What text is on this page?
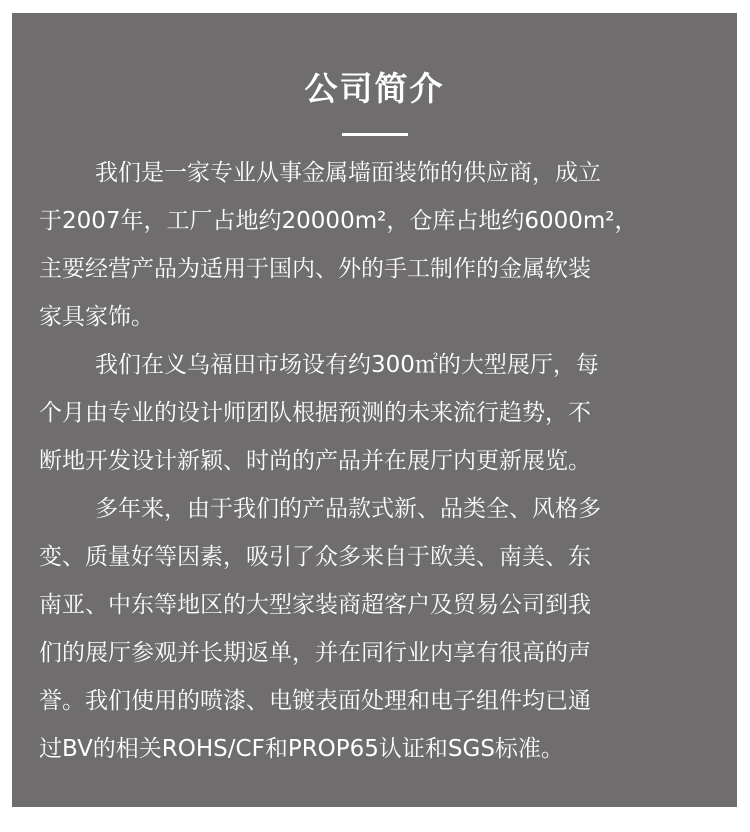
公司简介

我们是一家专业从事金属墙面装饰的供应商，成立
于2007年，工厂占地约20000m²，仓库占地约6000m²，
主要经营产品为适用于国内、外的手工制作的金属软装
家具家饰。

我们在义乌福田市场设有约300㎡的大型展厅，每
个月由专业的设计师团队根据预测的未来流行趋势，不
断地开发设计新颖、时尚的产品并在展厅内更新展览。

多年来，由于我们的产品款式新、品类全、风格多
变、质量好等因素，吸引了众多来自于欧美、南美、东
南亚、中东等地区的大型家装商超客户及贸易公司到我
们的展厅参观并长期返单，并在同行业内享有很高的声
誉。我们使用的喷漆、电镀表面处理和电子组件均已通
过BV的相关ROHS/CF和PROP65认证和SGS标准。
